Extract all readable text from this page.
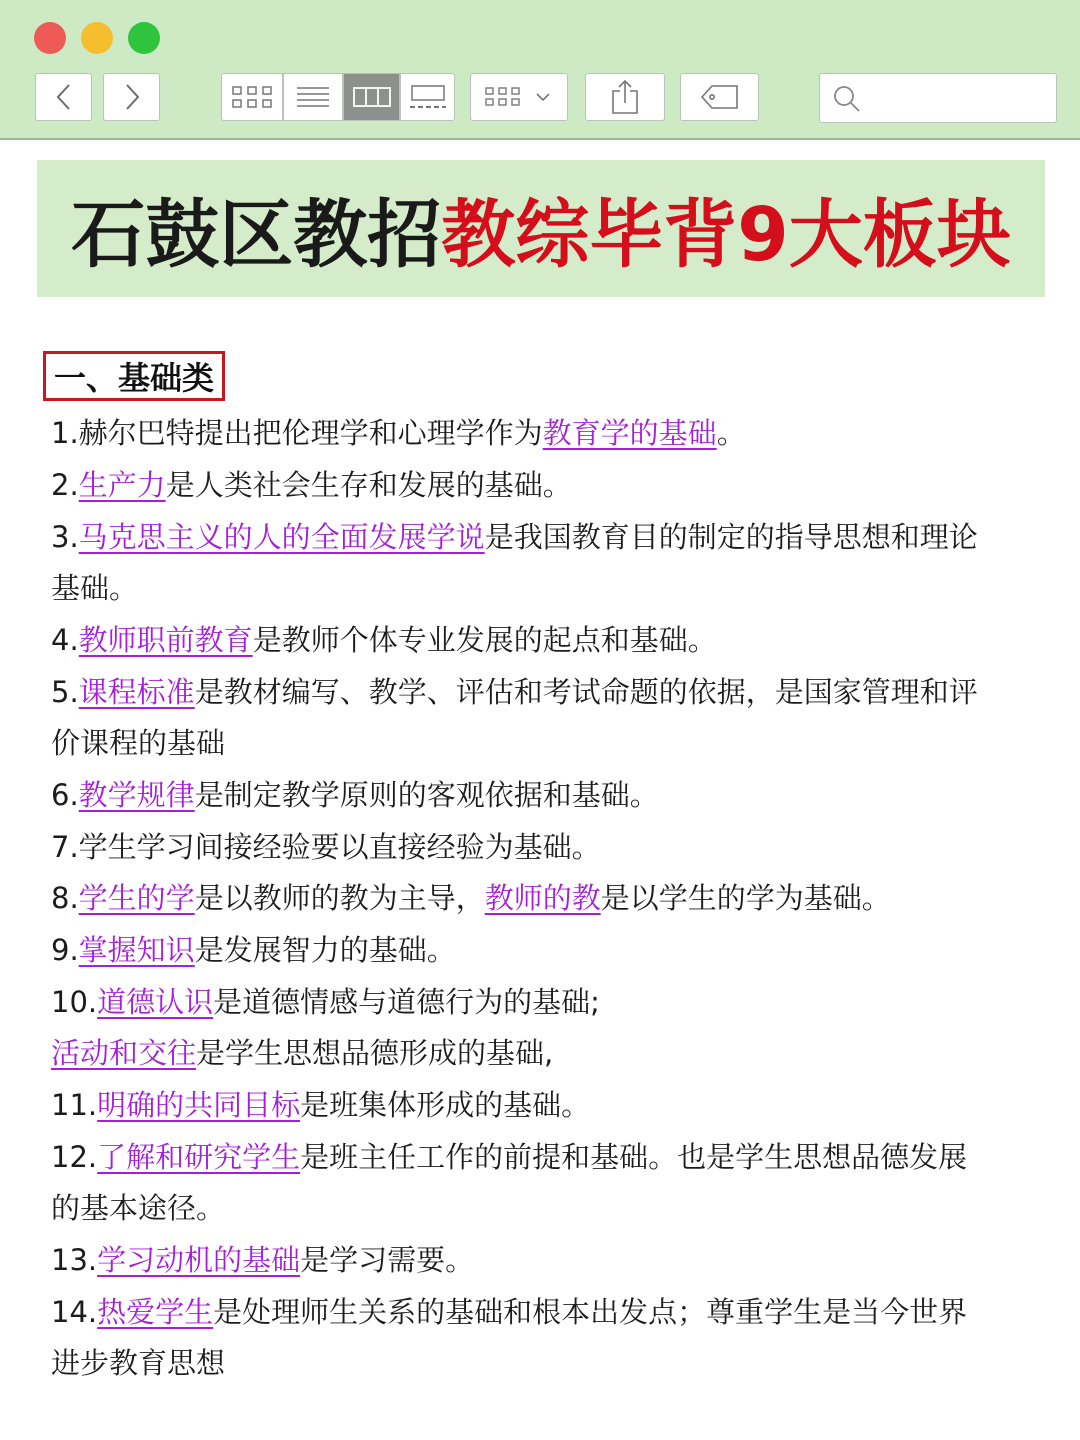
石鼓区教招 教综毕背9大板块
一、基础类
1.赫尔巴特提出把伦理学和心理学作为教育学的基础。
2.生产力是人类社会生存和发展的基础。
3.马克思主义的人的全面发展学说是我国教育目的制定的指导思想和理论
基础。
4.教师职前教育是教师个体专业发展的起点和基础。
5.课程标准是教材编写、教学、评估和考试命题的依据，是国家管理和评
价课程的基础
6.教学规律是制定教学原则的客观依据和基础。
7.学生学习间接经验要以直接经验为基础。
8.学生的学是以教师的教为主导，教师的教是以学生的学为基础。
9.掌握知识是发展智力的基础。
10.道德认识是道德情感与道德行为的基础;
活动和交往是学生思想品德形成的基础,
11.明确的共同目标是班集体形成的基础。
12.了解和研究学生是班主任工作的前提和基础。也是学生思想品德发展
的基本途径。
13.学习动机的基础是学习需要。
14.热爱学生是处理师生关系的基础和根本出发点；尊重学生是当今世界
进步教育思想
